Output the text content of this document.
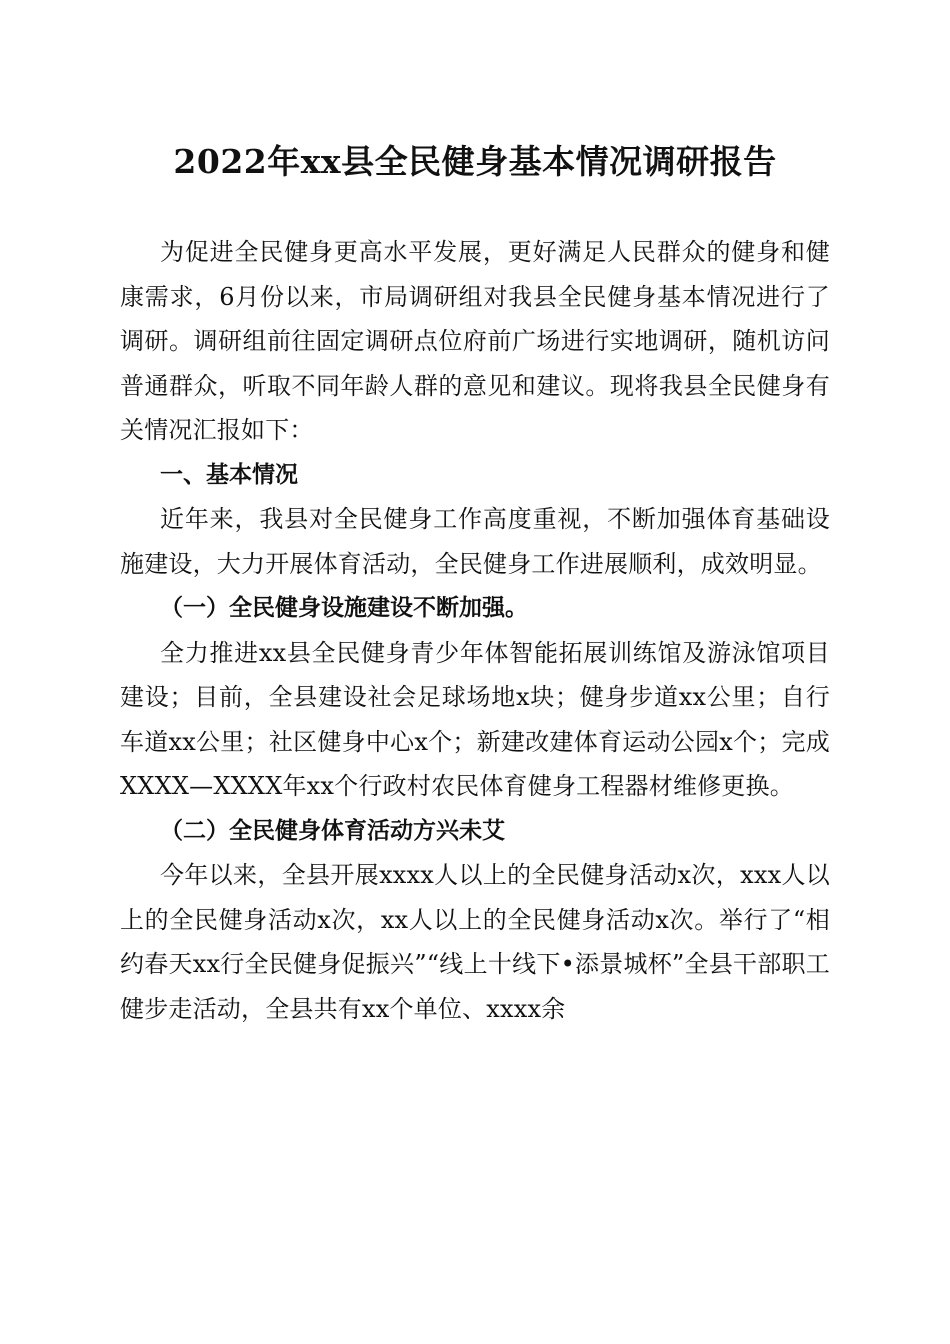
2022年xx县全民健身基本情况调研报告

为促进全民健身更高水平发展，更好满足人民群众的健身和健康需求，6月份以来，市局调研组对我县全民健身基本情况进行了调研。调研组前往固定调研点位府前广场进行实地调研，随机访问普通群众，听取不同年龄人群的意见和建议。现将我县全民健身有关情况汇报如下：

一、基本情况

近年来，我县对全民健身工作高度重视，不断加强体育基础设施建设，大力开展体育活动，全民健身工作进展顺利，成效明显。

（一）全民健身设施建设不断加强。

全力推进xx县全民健身青少年体智能拓展训练馆及游泳馆项目建设；目前，全县建设社会足球场地x块；健身步道xx公里；自行车道xx公里；社区健身中心x个；新建改建体育运动公园x个；完成XXXX—XXXX年xx个行政村农民体育健身工程器材维修更换。

（二）全民健身体育活动方兴未艾

今年以来，全县开展xxxx人以上的全民健身活动x次，xxx人以上的全民健身活动x次，xx人以上的全民健身活动x次。举行了“相约春天xx行全民健身促振兴”“线上十线下•添景城杯”全县干部职工健步走活动，全县共有xx个单位、xxxx余
